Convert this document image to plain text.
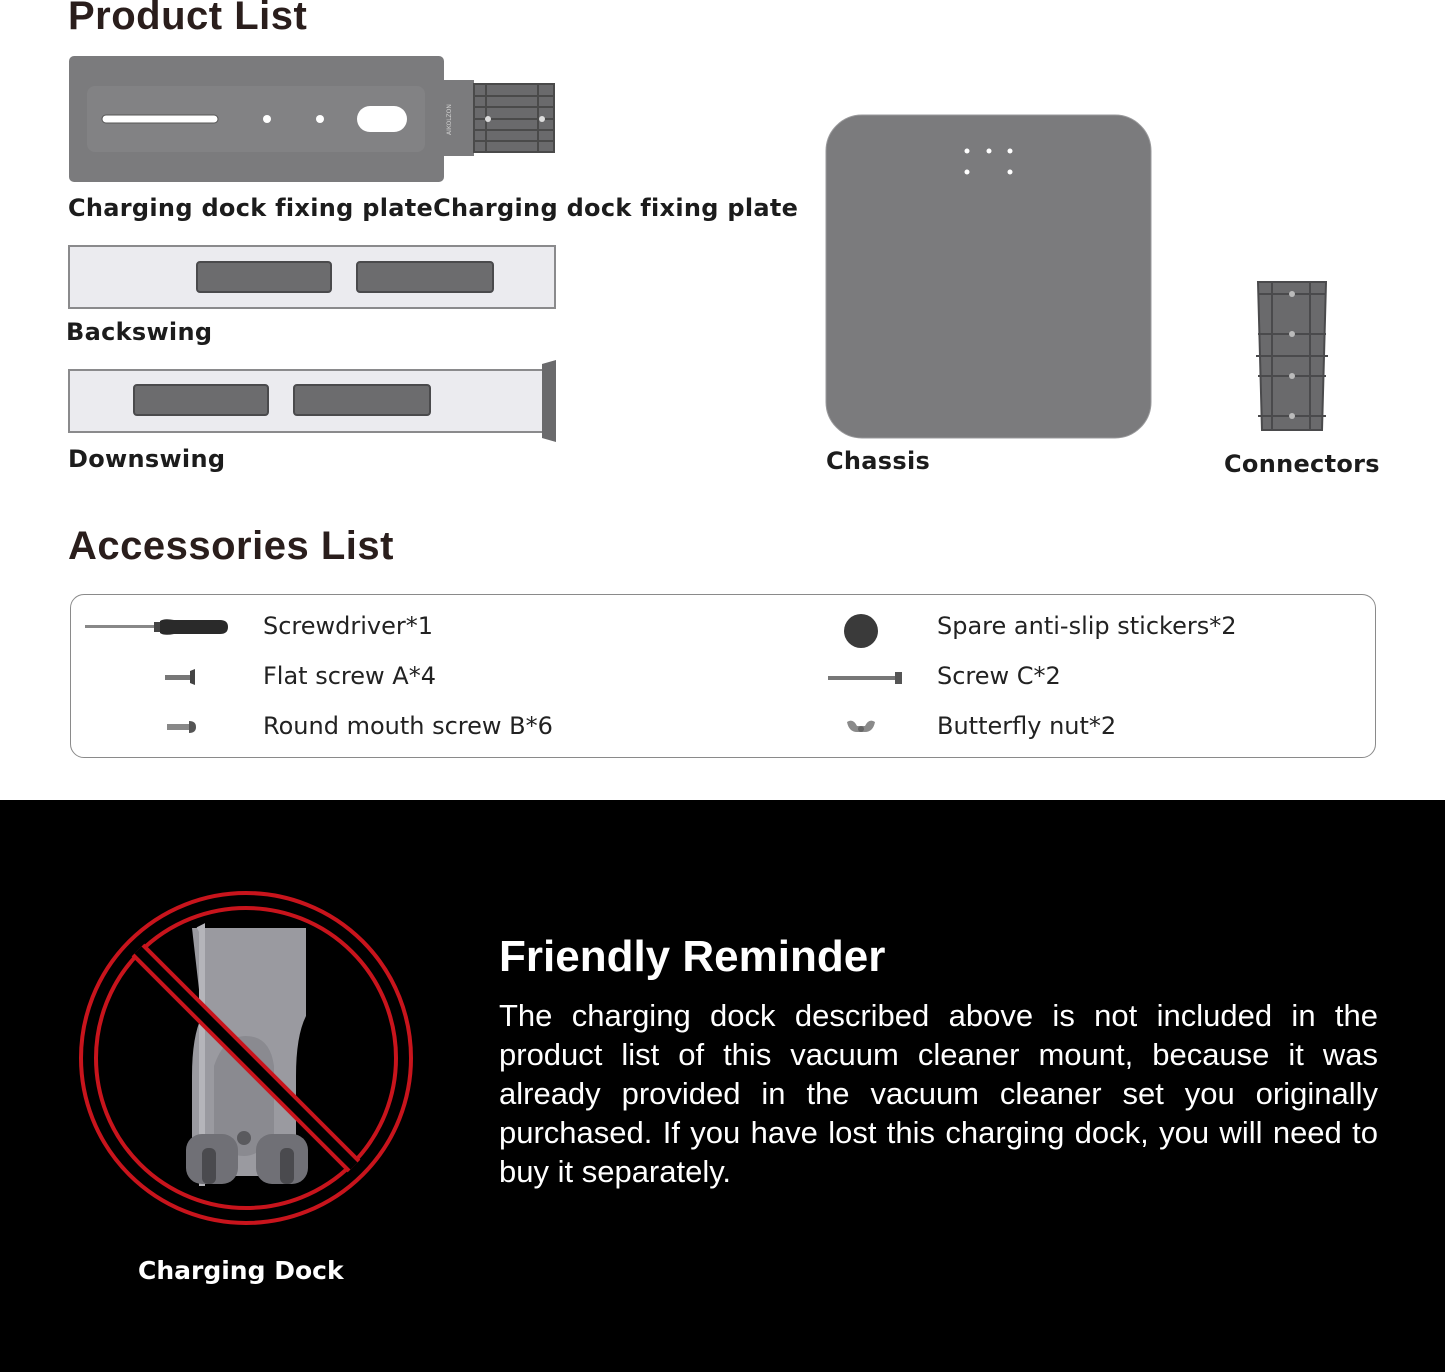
Product List
AIKOLZON
Charging dock fixing plateCharging dock fixing plate
Backswing
Downswing	Chassis	Connectors
Accessories List
Screwdriver*1
Flat screw A*4
Round mouth screw B*6
Spare anti-slip stickers*2
Screw C*2
Butterfly nut*2
Charging Dock
Friendly Reminder
The charging dock described above is not included in the product list of this vacuum cleaner mount, because it was already provided in the vacuum cleaner set you originally purchased. If you have lost this charging dock, you will need to buy it separately.
